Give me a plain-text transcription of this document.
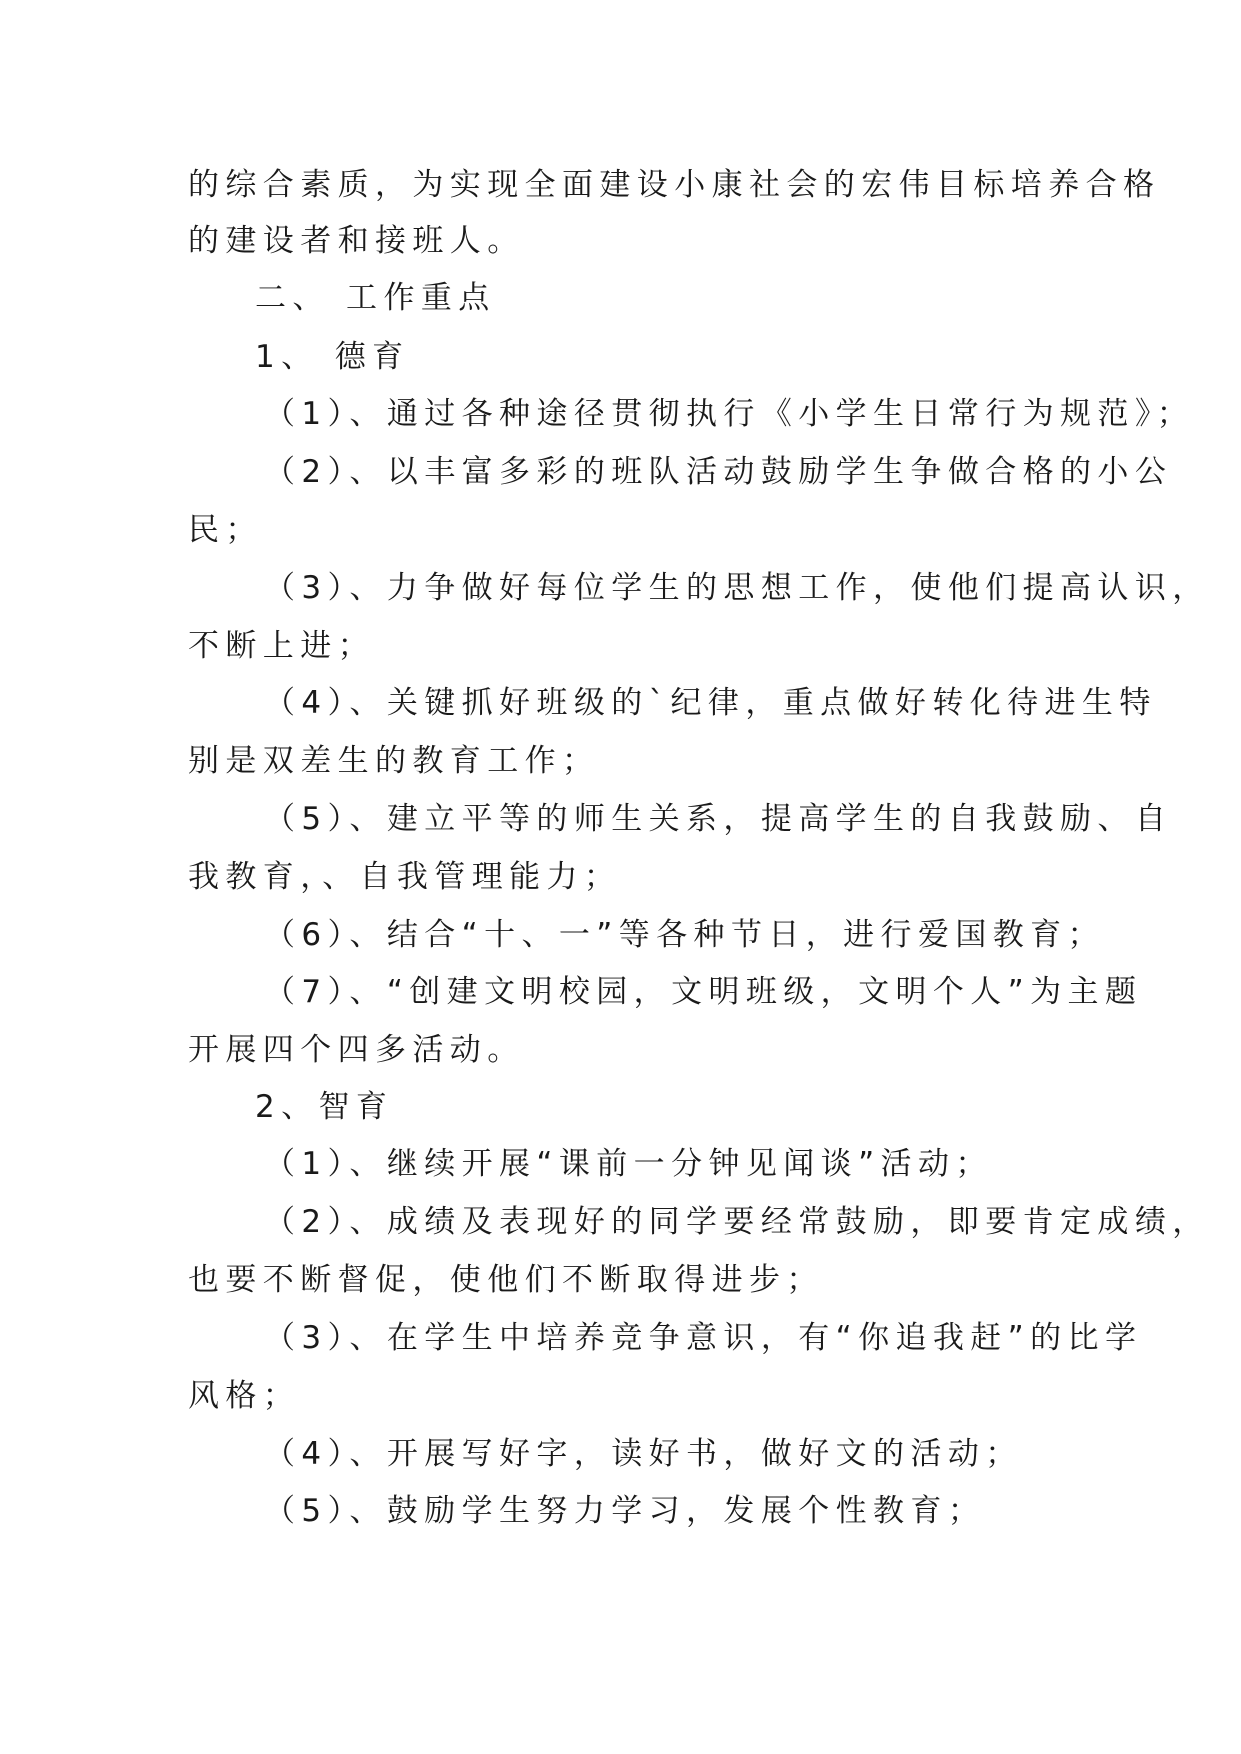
的综合素质，为实现全面建设小康社会的宏伟目标培养合格
的建设者和接班人。
二、 工作重点
1、 德育
（1）、通过各种途径贯彻执行《小学生日常行为规范》；
（2）、以丰富多彩的班队活动鼓励学生争做合格的小公
民；
（3）、力争做好每位学生的思想工作，使他们提高认识，
不断上进；
（4）、关键抓好班级的`纪律，重点做好转化待进生特
别是双差生的教育工作；
（5）、建立平等的师生关系，提高学生的自我鼓励、自
我教育，、自我管理能力；
（6）、结合“十、一”等各种节日，进行爱国教育；
（7）、“创建文明校园，文明班级，文明个人”为主题
开展四个四多活动。
2、智育
（1）、继续开展“课前一分钟见闻谈”活动；
（2）、成绩及表现好的同学要经常鼓励，即要肯定成绩，
也要不断督促，使他们不断取得进步；
（3）、在学生中培养竞争意识，有“你追我赶”的比学
风格；
（4）、开展写好字，读好书，做好文的活动；
（5）、鼓励学生努力学习，发展个性教育；
